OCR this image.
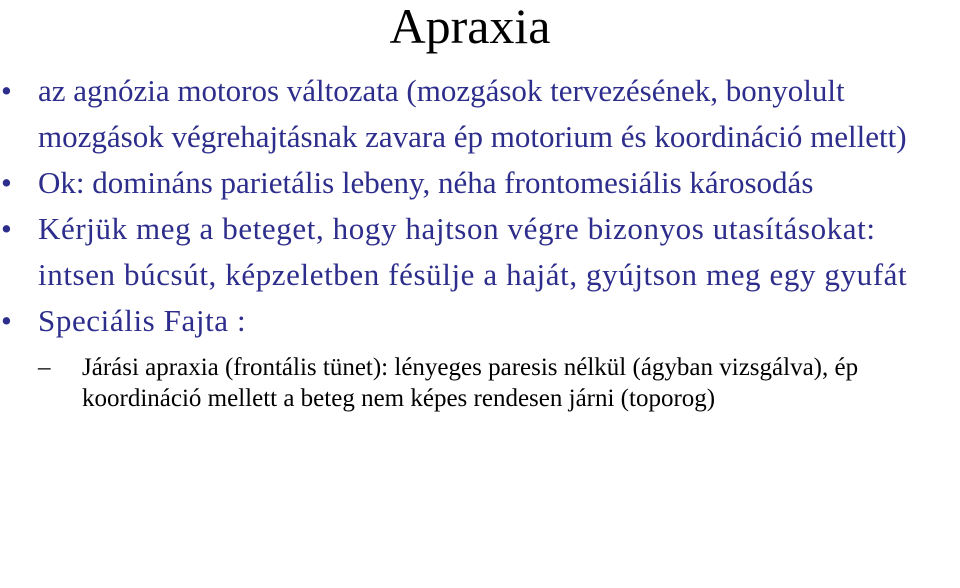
Apraxia
• az agnózia motoros változata (mozgások tervezésének, bonyolult mozgások végrehajtásnak zavara ép motorium és koordináció mellett)
• Ok: domináns parietális lebeny, néha frontomesiális károsodás
• Kérjük meg a beteget, hogy hajtson végre bizonyos utasításokat: intsen búcsút, képzeletben fésülje a haját, gyújtson meg egy gyufát
• Speciális Fajta :
– Járási apraxia (frontális tünet): lényeges paresis nélkül (ágyban vizsgálva), ép koordináció mellett a beteg nem képes rendesen járni (toporog)
